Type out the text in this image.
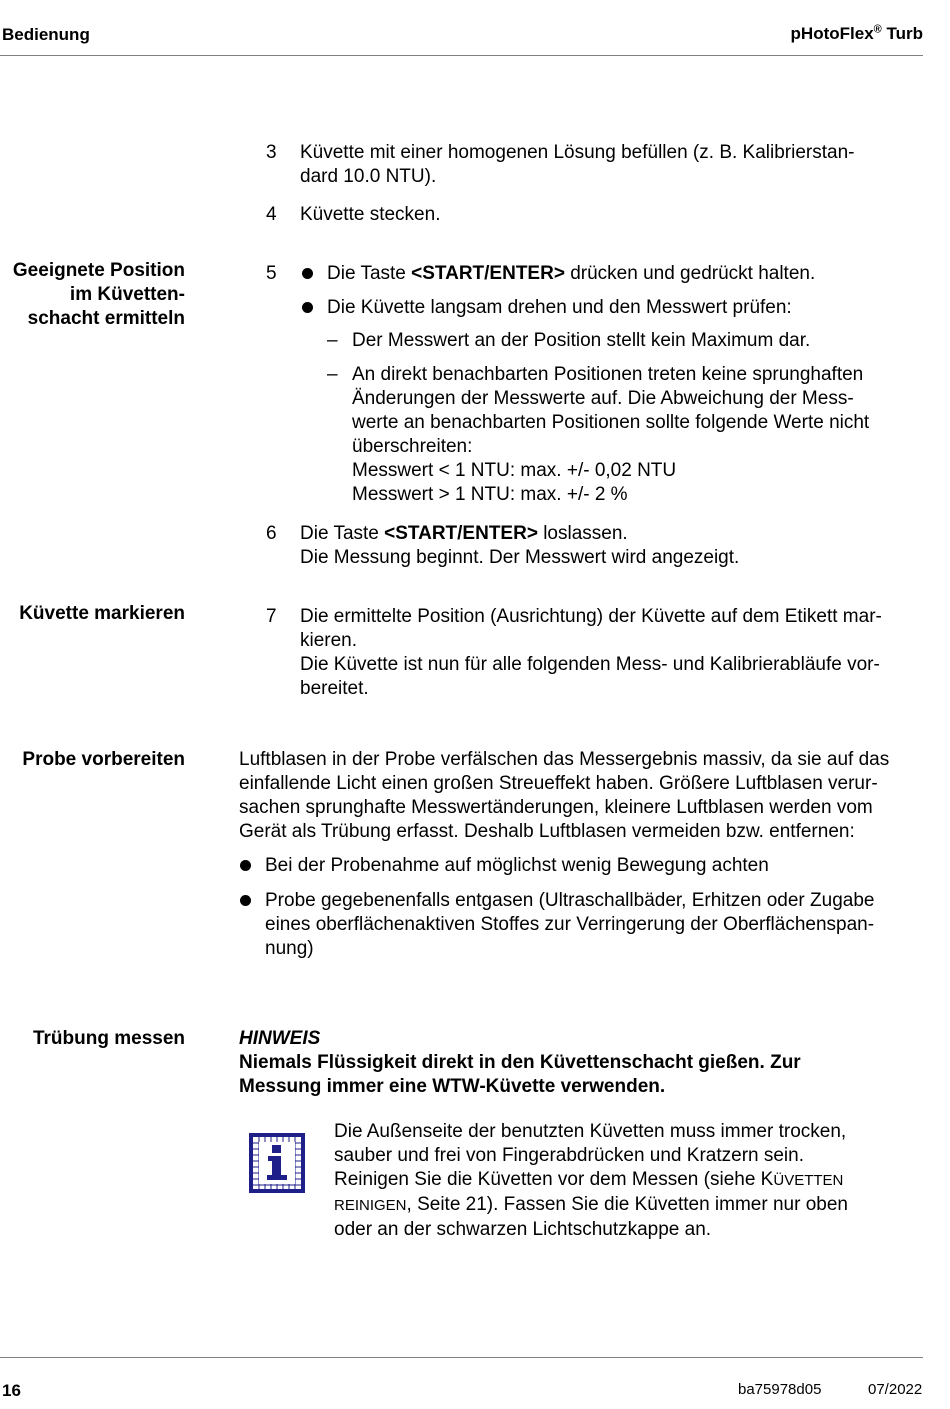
Bedienung	pHotoFlex® Turb
3 Küvette mit einer homogenen Lösung befüllen (z. B. Kalibrierstan-
dard 10.0 NTU).
4 Küvette stecken.
Geeignete Position
im Küvetten-
schacht ermitteln
5	Die Taste <START/ENTER> drücken und gedrückt halten.
Die Küvette langsam drehen und den Messwert prüfen:
– Der Messwert an der Position stellt kein Maximum dar.
– An direkt benachbarten Positionen treten keine sprunghaften
Änderungen der Messwerte auf. Die Abweichung der Mess-
werte an benachbarten Positionen sollte folgende Werte nicht
überschreiten:
Messwert < 1 NTU: max. +/- 0,02 NTU
Messwert > 1 NTU: max. +/- 2 %
6 Die Taste <START/ENTER> loslassen.
Die Messung beginnt. Der Messwert wird angezeigt.
Küvette markieren	7 Die ermittelte Position (Ausrichtung) der Küvette auf dem Etikett mar-
kieren.
Die Küvette ist nun für alle folgenden Mess- und Kalibrierabläufe vor-
bereitet.
Probe vorbereiten	Luftblasen in der Probe verfälschen das Messergebnis massiv, da sie auf das
einfallende Licht einen großen Streueffekt haben. Größere Luftblasen verur-
sachen sprunghafte Messwertänderungen, kleinere Luftblasen werden vom
Gerät als Trübung erfasst. Deshalb Luftblasen vermeiden bzw. entfernen:
Bei der Probenahme auf möglichst wenig Bewegung achten
Probe gegebenenfalls entgasen (Ultraschallbäder, Erhitzen oder Zugabe
eines oberflächenaktiven Stoffes zur Verringerung der Oberflächenspan-
nung)
Trübung messen	HINWEIS
Niemals Flüssigkeit direkt in den Küvettenschacht gießen. Zur
Messung immer eine WTW-Küvette verwenden.
Die Außenseite der benutzten Küvetten muss immer trocken,
sauber und frei von Fingerabdrücken und Kratzern sein.
Reinigen Sie die Küvetten vor dem Messen (siehe KÜVETTEN
REINIGEN, Seite 21). Fassen Sie die Küvetten immer nur oben
oder an der schwarzen Lichtschutzkappe an.
16	ba75978d05	07/2022
